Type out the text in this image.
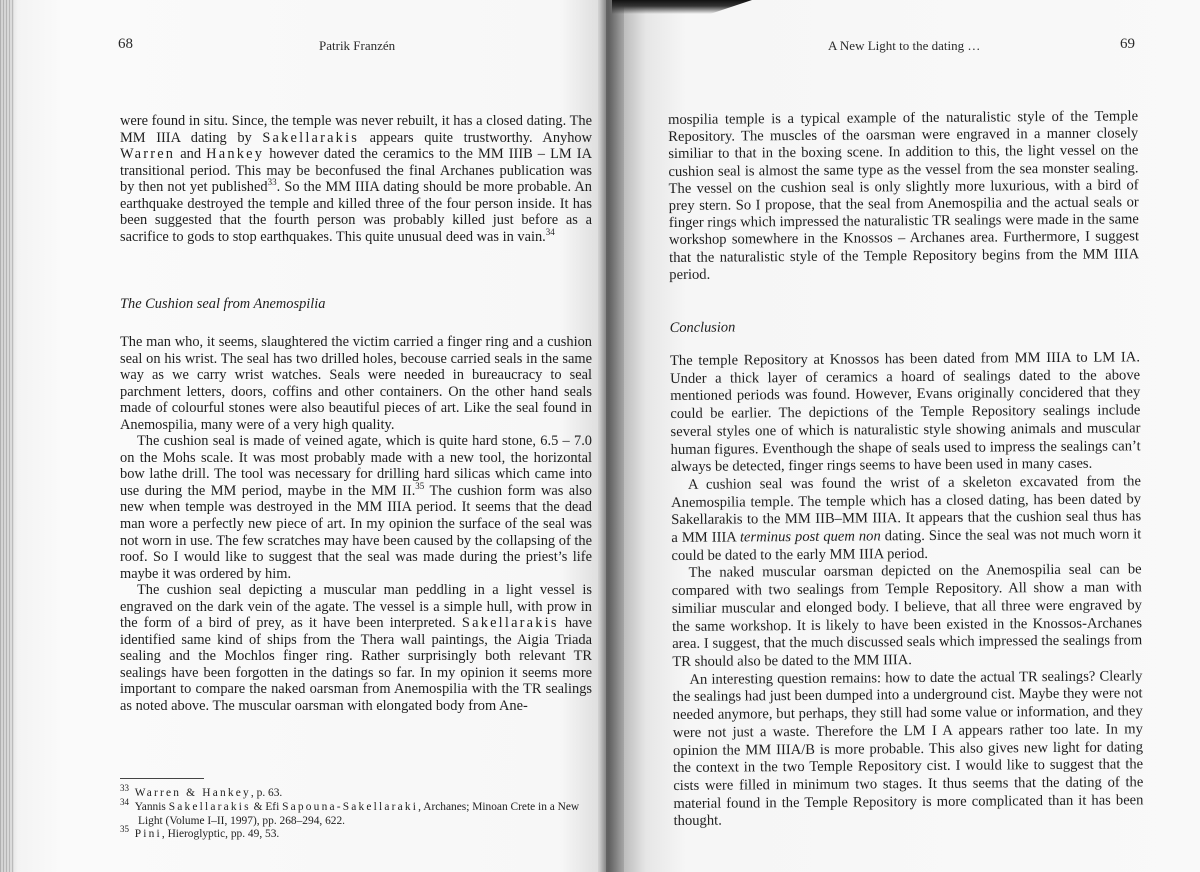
68	Patrik Franzén

were found in situ. Since, the temple was never rebuilt, it has a closed dating. The MM IIIA dating by Sakellarakis appears quite trustworthy. Anyhow Warren and Hankey however dated the ceramics to the MM IIIB – LM IA transitional period. This may be beconfused the final Archanes publication was by then not yet published$^{33}$. So the MM IIIA dating should be more probable. An earthquake destroyed the temple and killed three of the four person inside. It has been suggested that the fourth person was probably killed just before as a sacrifice to gods to stop earthquakes. This quite unusual deed was in vain.$^{34}$

The Cushion seal from Anemospilia

The man who, it seems, slaughtered the victim carried a finger ring and a cushion seal on his wrist. The seal has two drilled holes, becouse carried seals in the same way as we carry wrist watches. Seals were needed in bureaucracy to seal parchment letters, doors, coffins and other containers. On the other hand seals made of colourful stones were also beautiful pieces of art. Like the seal found in Anemospilia, many were of a very high quality.

The cushion seal is made of veined agate, which is quite hard stone, 6.5 – 7.0 on the Mohs scale. It was most probably made with a new tool, the horizontal bow lathe drill. The tool was necessary for drilling hard silicas which came into use during the MM period, maybe in the MM II.$^{35}$ The cushion form was also new when temple was destroyed in the MM IIIA period. It seems that the dead man wore a perfectly new piece of art. In my opinion the surface of the seal was not worn in use. The few scratches may have been caused by the collapsing of the roof. So I would like to suggest that the seal was made during the priest’s life maybe it was ordered by him.

The cushion seal depicting a muscular man peddling in a light vessel is engraved on the dark vein of the agate. The vessel is a simple hull, with prow in the form of a bird of prey, as it have been interpreted. Sakellarakis have identified same kind of ships from the Thera wall paintings, the Aigia Triada sealing and the Mochlos finger ring. Rather surprisingly both relevant TR sealings have been forgotten in the datings so far. In my opinion it seems more important to compare the naked oarsman from Anemospilia with the TR sealings as noted above. The muscular oarsman with elongated body from Ane-

$^{33}$ Warren & Hankey, p. 63.

$^{34}$ Yannis Sakellarakis & Efi Sapouna-Sakellaraki, Archanes; Minoan Crete in a New Light (Volume I–II, 1997), pp. 268–294, 622.

$^{35}$ Pini, Hieroglyptic, pp. 49, 53.

A New Light to the dating …	69
mospilia temple is a typical example of the naturalistic style of the Temple Repository. The muscles of the oarsman were engraved in a manner closely similiar to that in the boxing scene. In addition to this, the light vessel on the cushion seal is almost the same type as the vessel from the sea monster sealing. The vessel on the cushion seal is only slightly more luxurious, with a bird of prey stern. So I propose, that the seal from Anemospilia and the actual seals or finger rings which impressed the naturalistic TR sealings were made in the same workshop somewhere in the Knossos – Archanes area. Furthermore, I suggest that the naturalistic style of the Temple Repository begins from the MM IIIA period.
Conclusion

The temple Repository at Knossos has been dated from MM IIIA to LM IA. Under a thick layer of ceramics a hoard of sealings dated to the above mentioned periods was found. However, Evans originally concidered that they could be earlier. The depictions of the Temple Repository sealings include several styles one of which is naturalistic style showing animals and muscular human figures. Eventhough the shape of seals used to impress the sealings can’t always be detected, finger rings seems to have been used in many cases.

A cushion seal was found the wrist of a skeleton excavated from the Anemospilia temple. The temple which has a closed dating, has been dated by Sakellarakis to the MM IIB–MM IIIA. It appears that the cushion seal thus has a MM IIIA terminus post quem non dating. Since the seal was not much worn it could be dated to the early MM IIIA period.

The naked muscular oarsman depicted on the Anemospilia seal can be compared with two sealings from Temple Repository. All show a man with similiar muscular and elonged body. I believe, that all three were engraved by the same workshop. It is likely to have been existed in the Knossos-Archanes area. I suggest, that the much discussed seals which impressed the sealings from TR should also be dated to the MM IIIA.

An interesting question remains: how to date the actual TR sealings? Clearly the sealings had just been dumped into a underground cist. Maybe they were not needed anymore, but perhaps, they still had some value or information, and they were not just a waste. Therefore the LM I A appears rather too late. In my opinion the MM IIIA/B is more probable. This also gives new light for dating the context in the two Temple Repository cist. I would like to suggest that the cists were filled in minimum two stages. It thus seems that the dating of the material found in the Temple Repository is more complicated than it has been thought.
